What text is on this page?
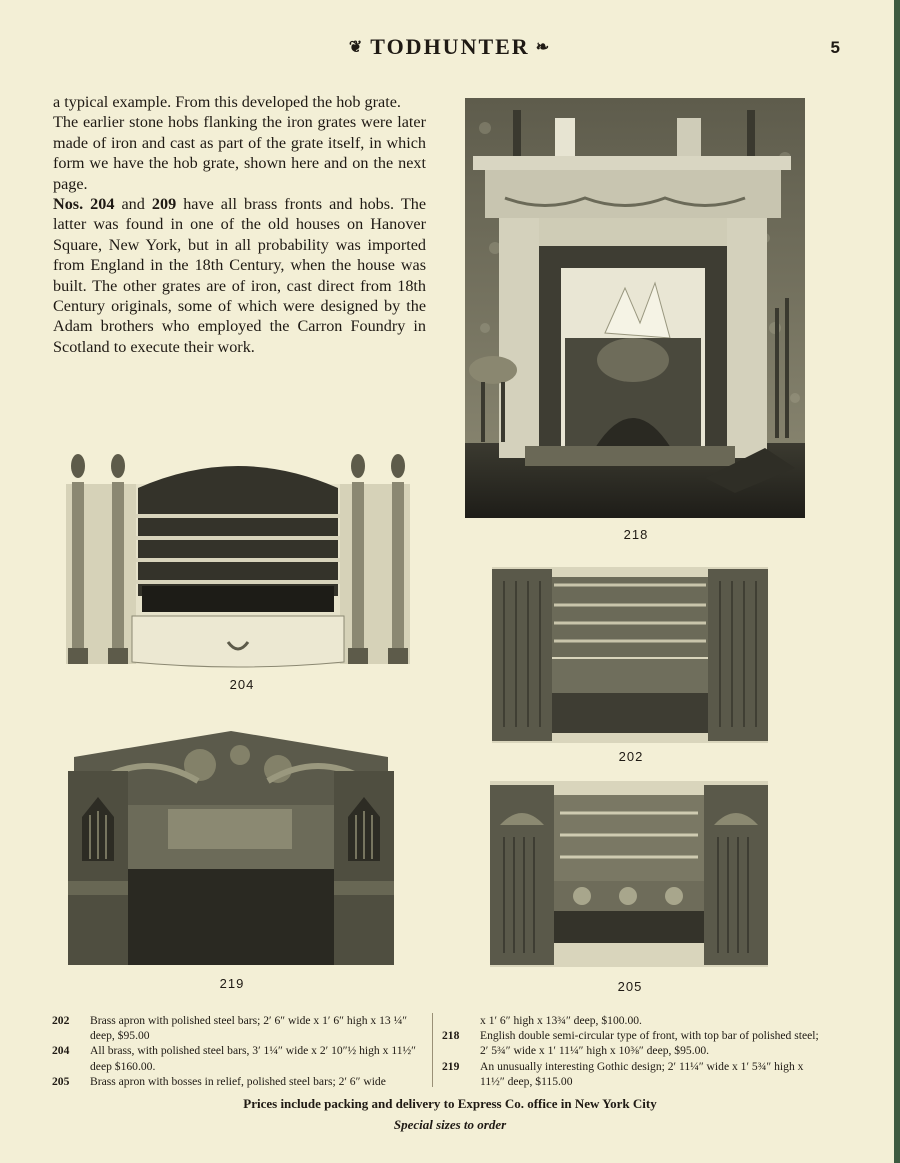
❦ TODHUNTER ❧	5

a typical example. From this developed the hob grate.

The earlier stone hobs flanking the iron grates were later made of iron and cast as part of the grate itself, in which form we have the hob grate, shown here and on the next page.

Nos. 204 and 209 have all brass fronts and hobs. The latter was found in one of the old houses on Hanover Square, New York, but in all probability was imported from England in the 18th Century, when the house was built. The other grates are of iron, cast direct from 18th Century originals, some of which were designed by the Adam brothers who employed the Carron Foundry in Scotland to execute their work.

218
204
202
219	205
202 Brass apron with polished steel bars; 2′ 6″ wide x 1′ 6″ high x 13 ¼″ deep, $95.00
204 All brass, with polished steel bars, 3′ 1¼″ wide x 2′ 10″½ high x 11½″ deep $160.00.
205 Brass apron with bosses in relief, polished steel bars; 2′ 6″ wide
x 1′ 6″ high x 13¾″ deep, $100.00.
218 English double semi-circular type of front, with top bar of polished steel; 2′ 5¾″ wide x 1′ 11¼″ high x 10⅜″ deep, $95.00.
219 An unusually interesting Gothic design; 2′ 11¼″ wide x 1′ 5¾″ high x 11½″ deep, $115.00
Prices include packing and delivery to Express Co. office in New York City
Special sizes to order
